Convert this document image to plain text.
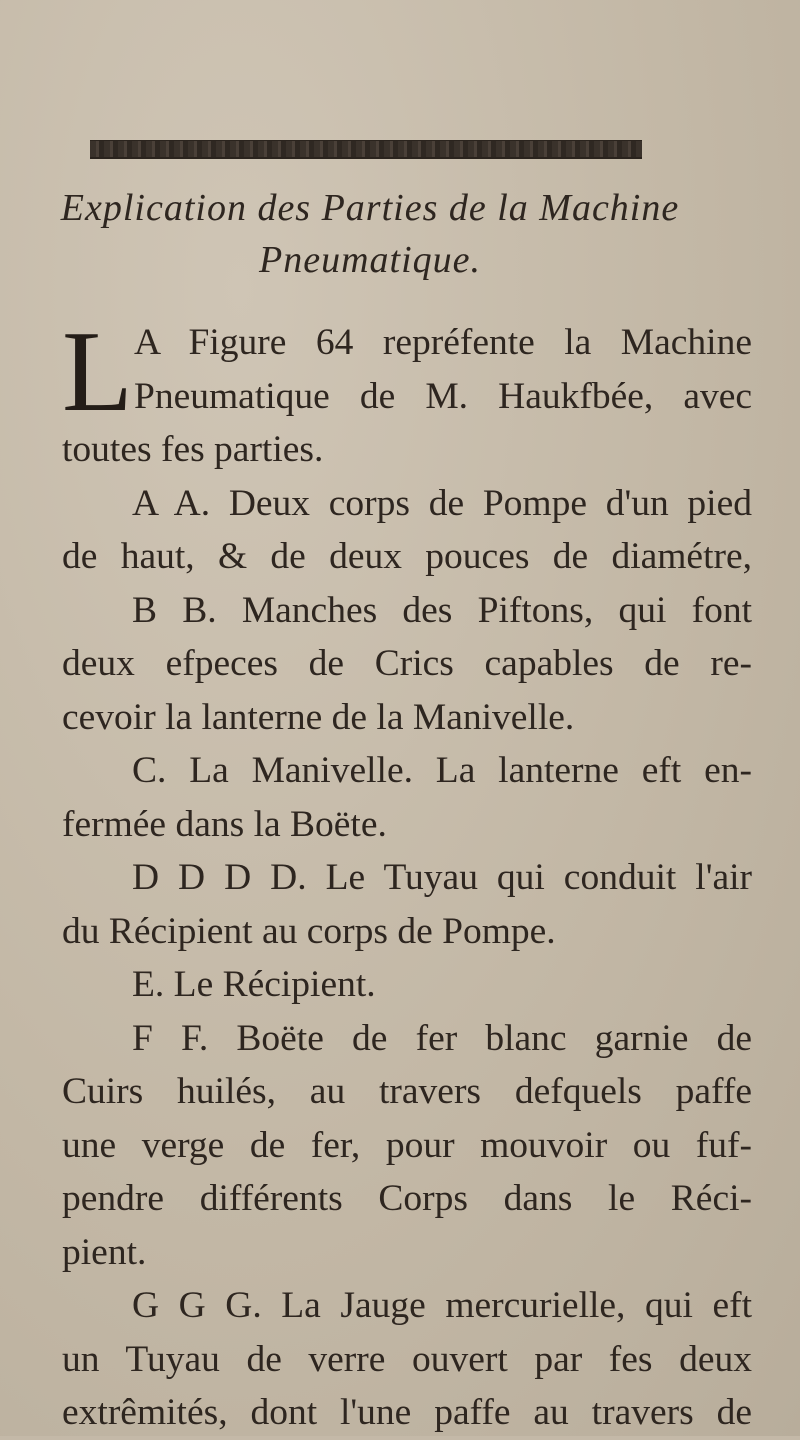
Explication des Parties de la Machine
Pneumatique.
L A Figure 64 repréfente la Machine
Pneumatique de M. Haukfbée, avec
toutes fes parties.
A A. Deux corps de Pompe d'un pied
de haut, & de deux pouces de diamétre,
B B. Manches des Piftons, qui font
deux efpeces de Crics capables de re-
cevoir la lanterne de la Manivelle.
C. La Manivelle. La lanterne eft en-
fermée dans la Boëte.
D D D D. Le Tuyau qui conduit l'air
du Récipient au corps de Pompe.
E. Le Récipient.
F F. Boëte de fer blanc garnie de
Cuirs huilés, au travers defquels paffe
une verge de fer, pour mouvoir ou fuf-
pendre différents Corps dans le Réci-
pient.
G G G. La Jauge mercurielle, qui eft
un Tuyau de verre ouvert par fes deux
extrêmités, dont l'une paffe au travers de
